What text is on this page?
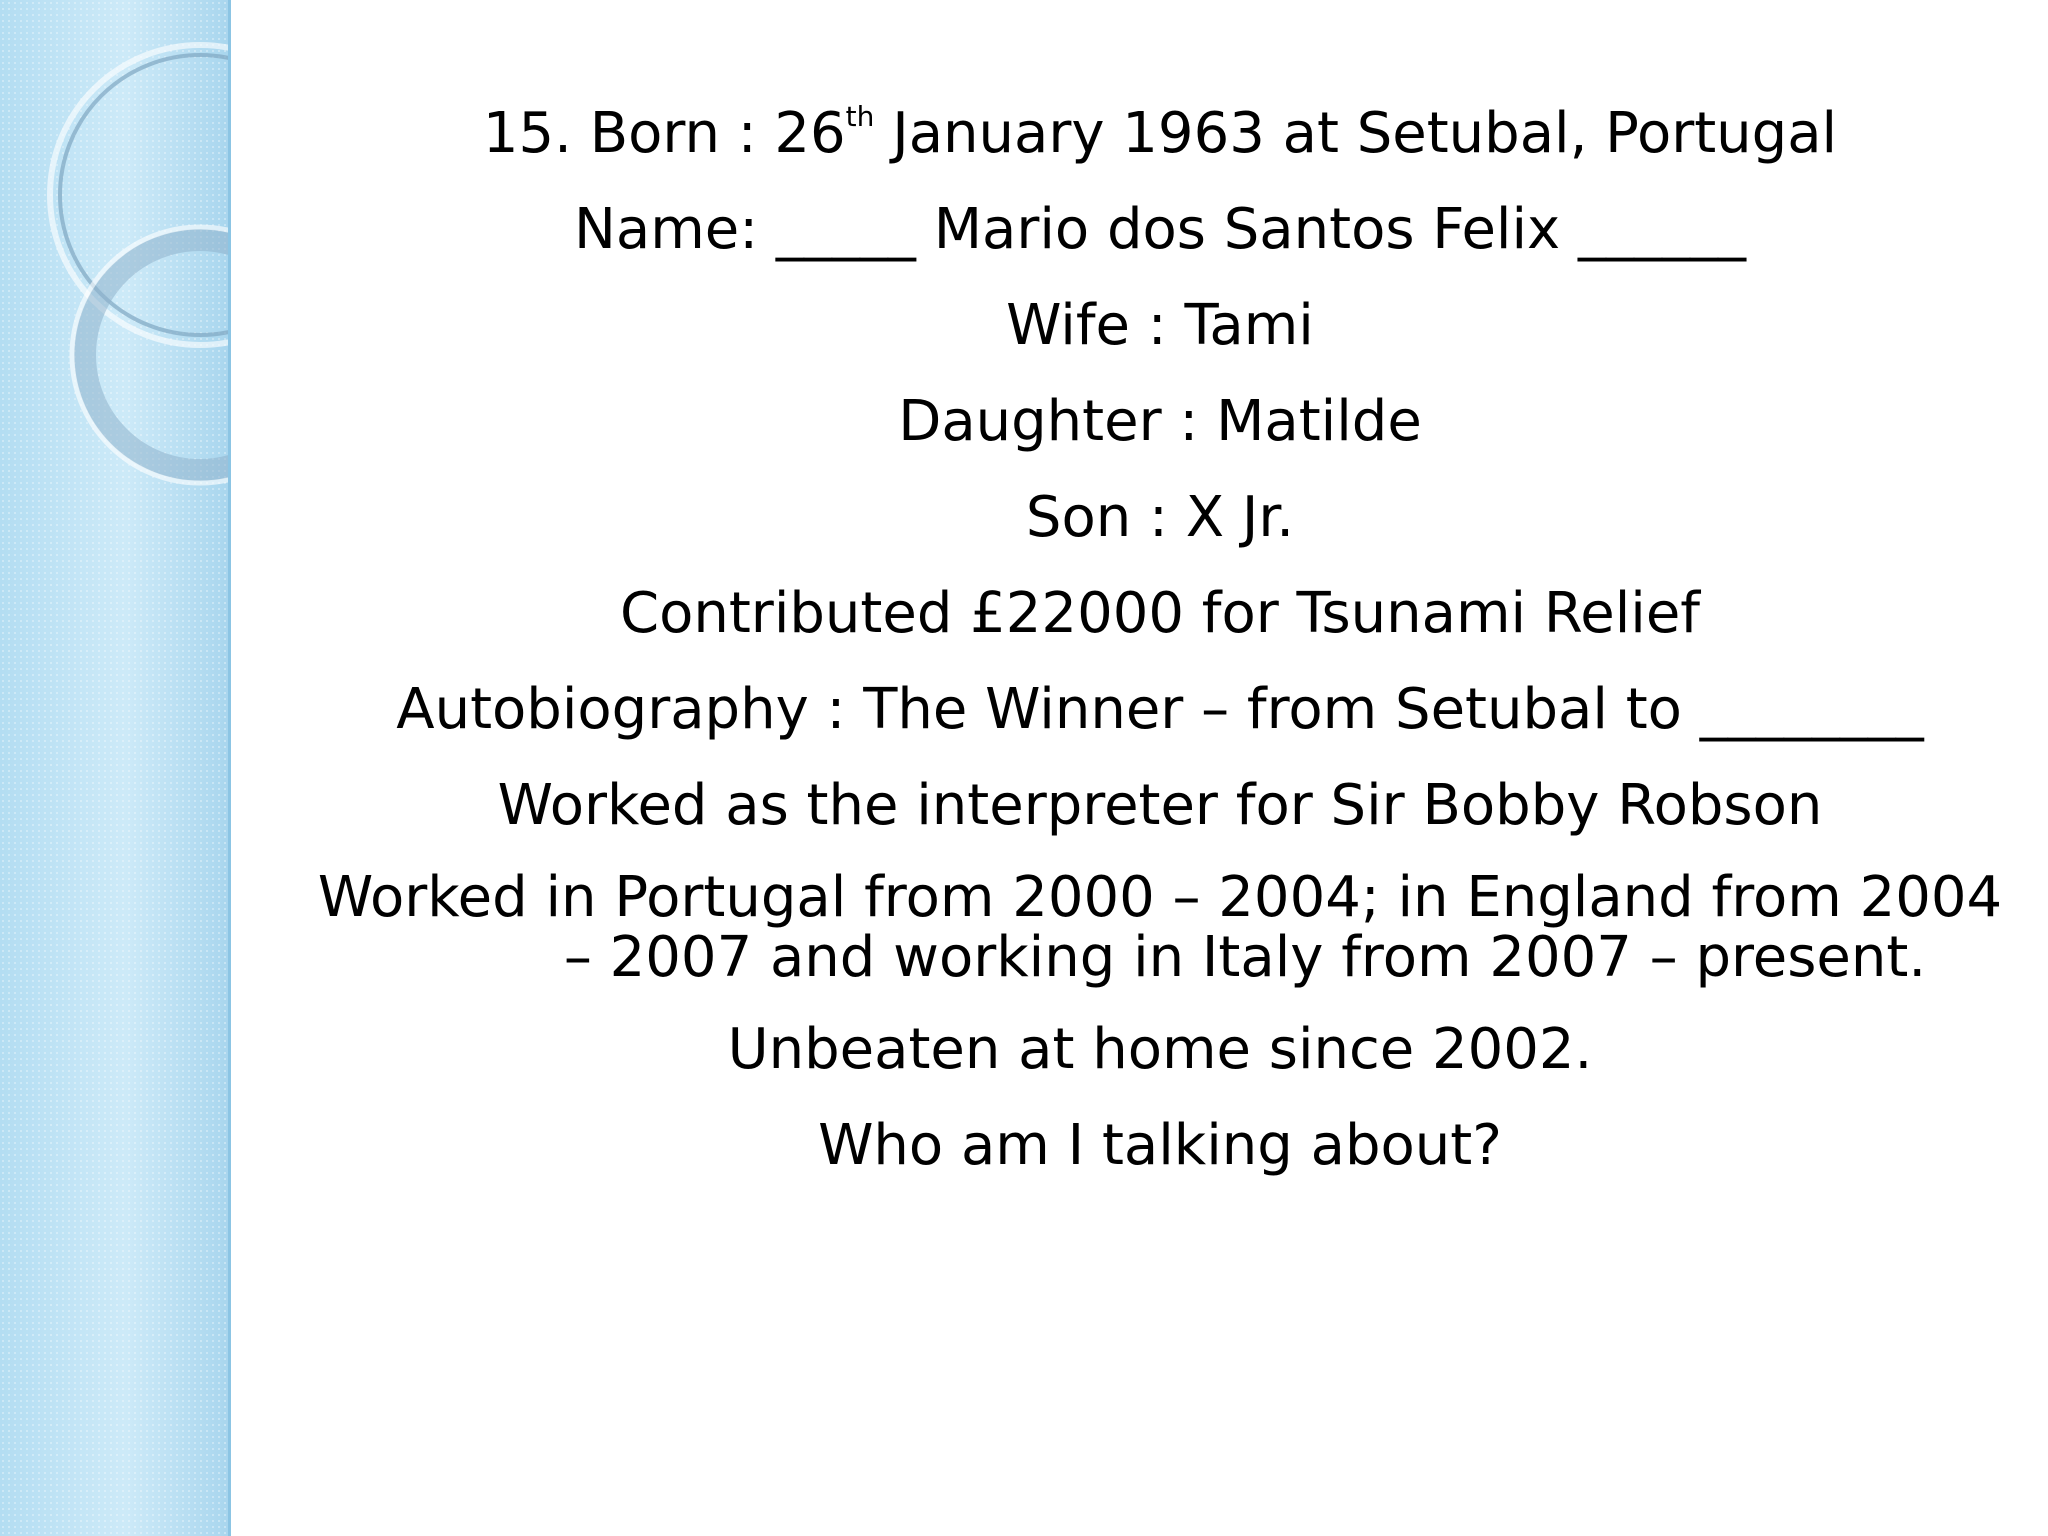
15. Born : 26th January 1963 at Setubal, Portugal
Name: _____ Mario dos Santos Felix ______
Wife : Tami
Daughter : Matilde
Son : X Jr.
Contributed £22000 for Tsunami Relief
Autobiography : The Winner – from Setubal to ________
Worked as the interpreter for Sir Bobby Robson
Worked in Portugal from 2000 – 2004; in England from 2004
– 2007 and working in Italy from 2007 – present.
Unbeaten at home since 2002.
Who am I talking about?
